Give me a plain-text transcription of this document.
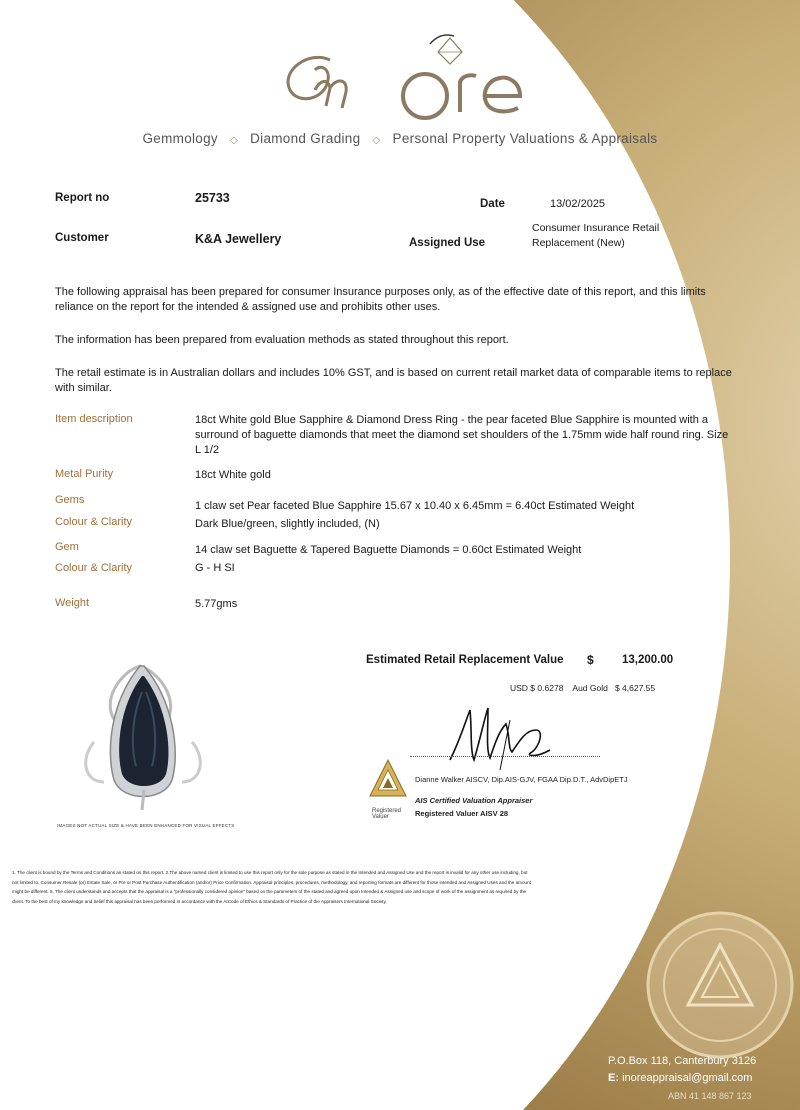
Gemmology ◇ Diamond Grading ◇ Personal Property Valuations & Appraisals
Report no	25733	Date	13/02/2025
Customer	K&A Jewellery	Assigned Use
Consumer Insurance Retail
Replacement (New)
The following appraisal has been prepared for consumer Insurance purposes only, as of the effective date of this report, and this limits reliance on the report for the intended & assigned use and prohibits other uses.
The information has been prepared from evaluation methods as stated throughout this report.
The retail estimate is in Australian dollars and includes 10% GST, and is based on current retail market data of comparable items to replace with similar.
Item description	18ct White gold Blue Sapphire & Diamond Dress Ring - the pear faceted Blue Sapphire is mounted with a surround of baguette diamonds that meet the diamond set shoulders of the 1.75mm wide half round ring. Size L 1/2
Metal Purity	18ct White gold
Gems	1 claw set Pear faceted Blue Sapphire 15.67 x 10.40 x 6.45mm = 6.40ct Estimated Weight
Colour & Clarity	Dark Blue/green, slightly included, (N)
Gem	14 claw set Baguette & Tapered Baguette Diamonds = 0.60ct Estimated Weight
Colour & Clarity	G - H SI
Weight	5.77gms
Estimated Retail Replacement Value $ 13,200.00
USD $ 0.6278 Aud Gold $ 4,627.55
IMAGES NOT ACTUAL SIZE & HAVE BEEN ENHANCED FOR VISUAL EFFECTS
Registered
Valuer
Dianne Walker AISCV, Dip.AIS-GJV, FGAA Dip.D.T., AdvDipETJ
AIS Certified Valuation Appraiser
Registered Valuer AISV 28
1. The client is bound by the Terms and Conditions as stated on this report. 2.The above named client is limited to use this report only for the sole purpose as stated in the Intended and Assigned Use and the report is invalid for any other use including, but not limited to, Consumer Resale (or) Estate Sale, or Pre or Post Purchase Authentification (and/or) Price Confirmation. Appraisal principles, procedures, methodology, and reporting formats are different for those intended and Assigned Uses and the amount might be different. 5. The client understands and accepts that the appraisal is a "professionally considered opinion" based on the parameters of the stated and agreed upon Intended & Assigned use and scope of work of the assignment as required by the client. To the best of my knowledge and belief this appraisal has been performed in accordance with the AICode of Ethics & Standards of Practice of the Appraisers International Society.
P.O.Box 118, Canterbury 3126
E: inoreappraisal@gmail.com
ABN 41 148 867 123
